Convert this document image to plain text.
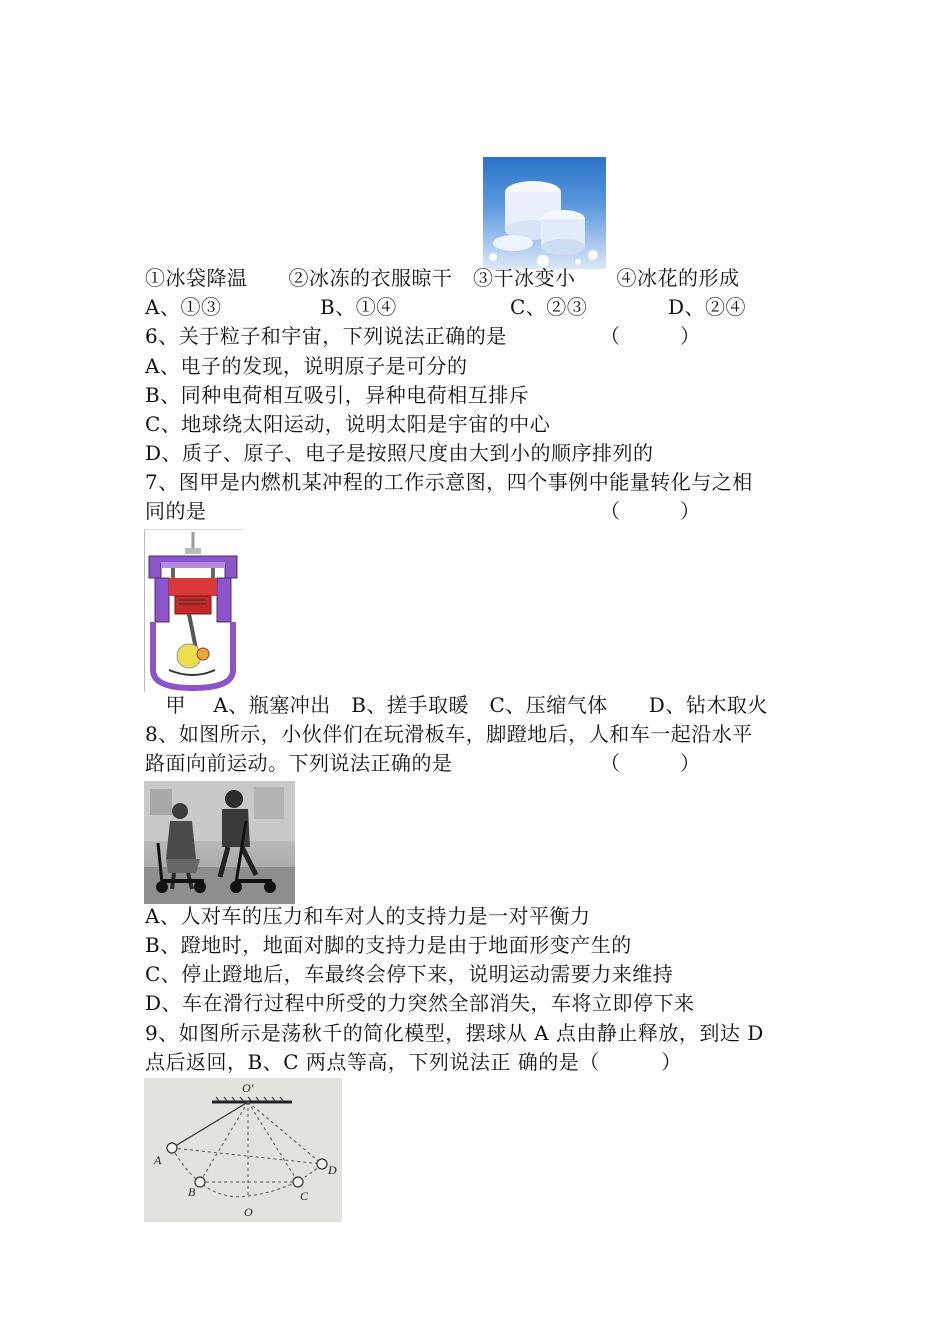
①冰袋降温　　②冰冻的衣服晾干　③干冰变小　　④冰花的形成
A、①③	B、①④	C、②③	D、②④
6、关于粒子和宇宙，下列说法正确的是	（　　　）
A、电子的发现，说明原子是可分的
B、同种电荷相互吸引，异种电荷相互排斥
C、地球绕太阳运动，说明太阳是宇宙的中心
D、质子、原子、电子是按照尺度由大到小的顺序排列的
7、图甲是内燃机某冲程的工作示意图，四个事例中能量转化与之相
同的是	（　　　）
　甲　 A、瓶塞冲出　B、搓手取暖　C、压缩气体　　D、钻木取火
8、如图所示，小伙伴们在玩滑板车，脚蹬地后，人和车一起沿水平
路面向前运动。下列说法正确的是	（　　　）
A、人对车的压力和车对人的支持力是一对平衡力
B、蹬地时，地面对脚的支持力是由于地面形变产生的
C、停止蹬地后，车最终会停下来，说明运动需要力来维持
D、车在滑行过程中所受的力突然全部消失，车将立即停下来
9、如图所示是荡秋千的简化模型，摆球从 A 点由静止释放，到达 D
点后返回，B、C 两点等高，下列说法正 确的是（　　　）
O′
A
B	C
D
O
